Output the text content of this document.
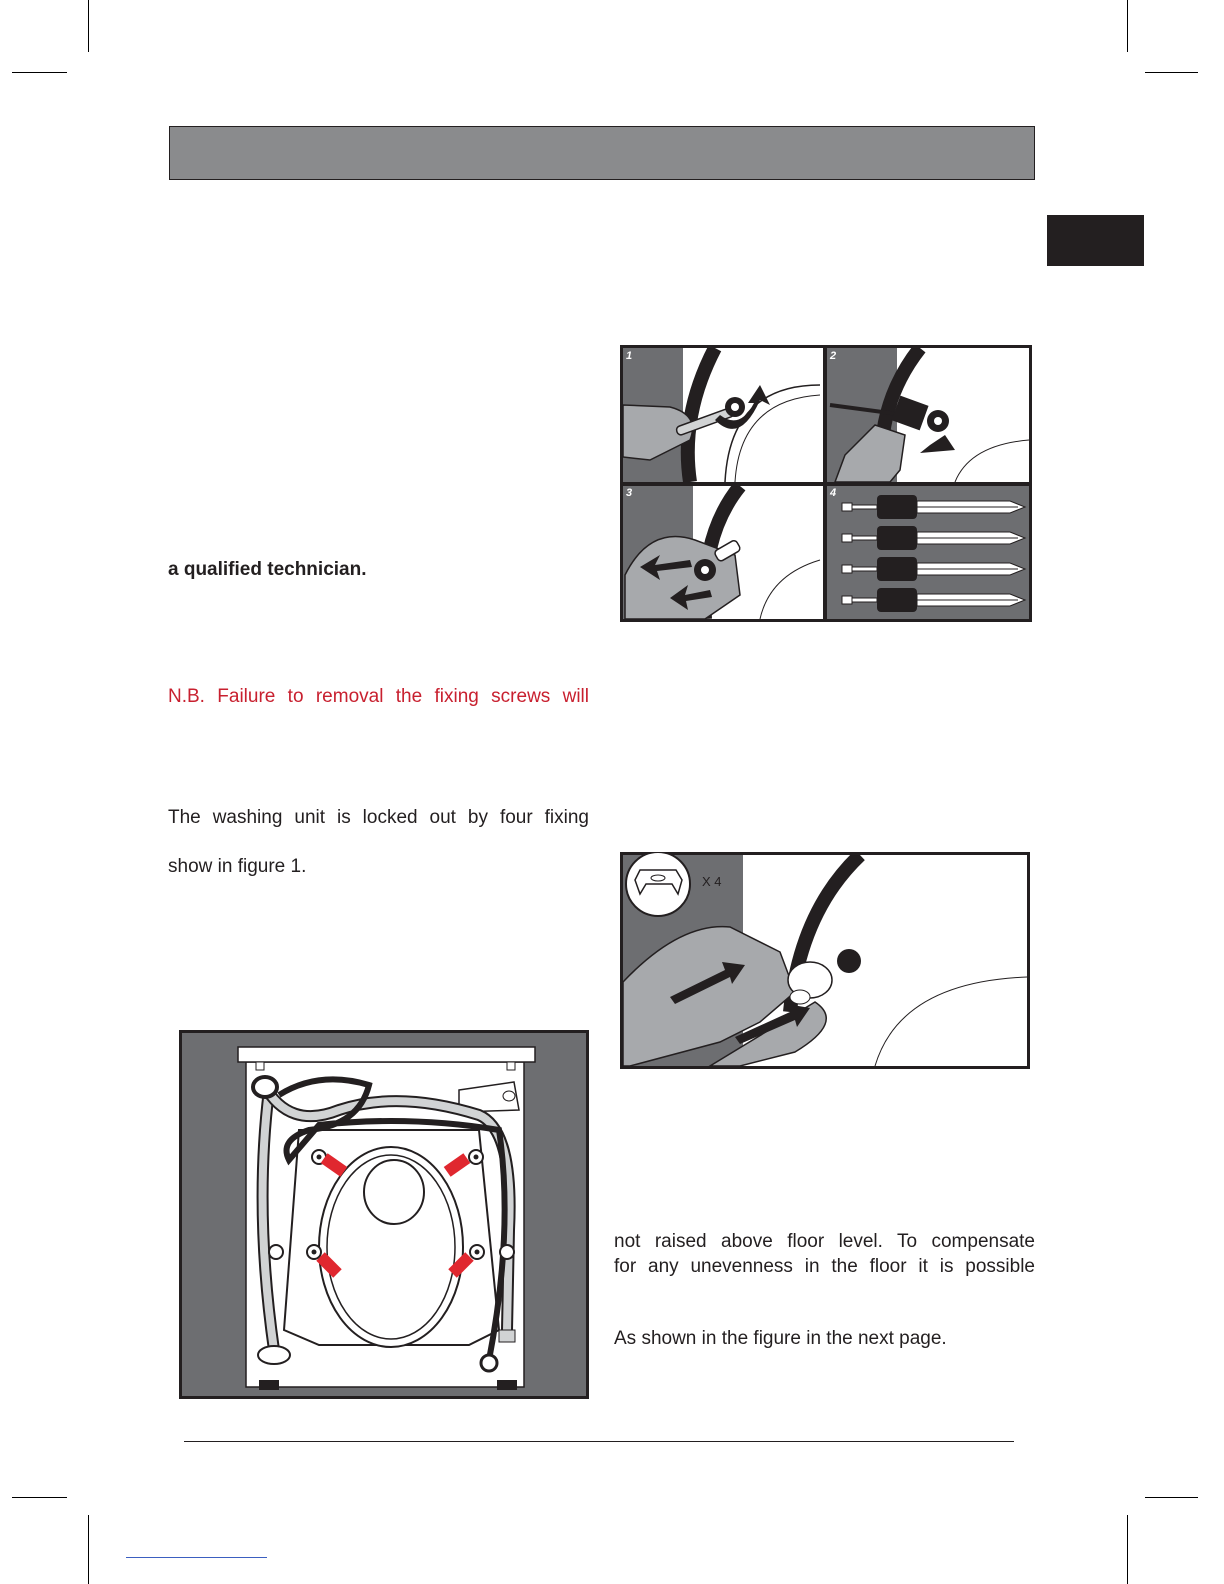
a qualified technician.
N.B. Failure to removal the fixing screws will
The washing unit is locked out by four fixing
show in figure 1.
not raised above floor level. To compensate
for any unevenness in the floor it is possible
As shown in the figure in the next page.
1	2
3	4
X 4
